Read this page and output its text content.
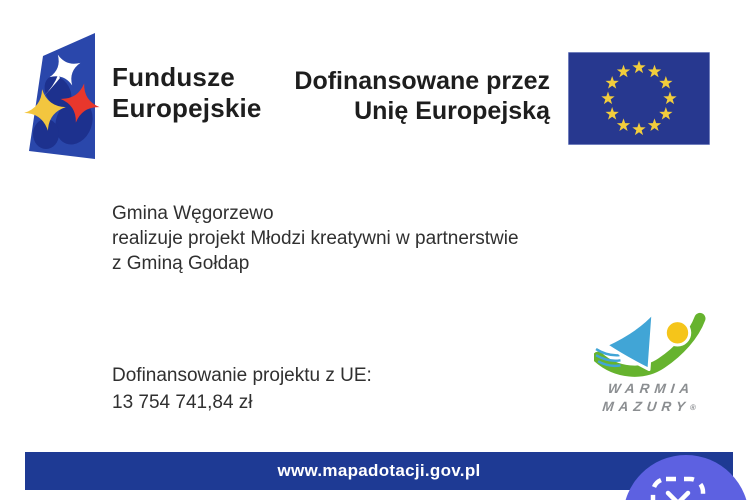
Fundusze
Europejskie
Dofinansowane przez
Unię Europejską
Gmina Węgorzewo
realizuje projekt Młodzi kreatywni w partnerstwie
z Gminą Gołdap
Dofinansowanie projektu z UE:
13 754 741,84 zł
WARMIA
MAZURY®
www.mapadotacji.gov.pl
